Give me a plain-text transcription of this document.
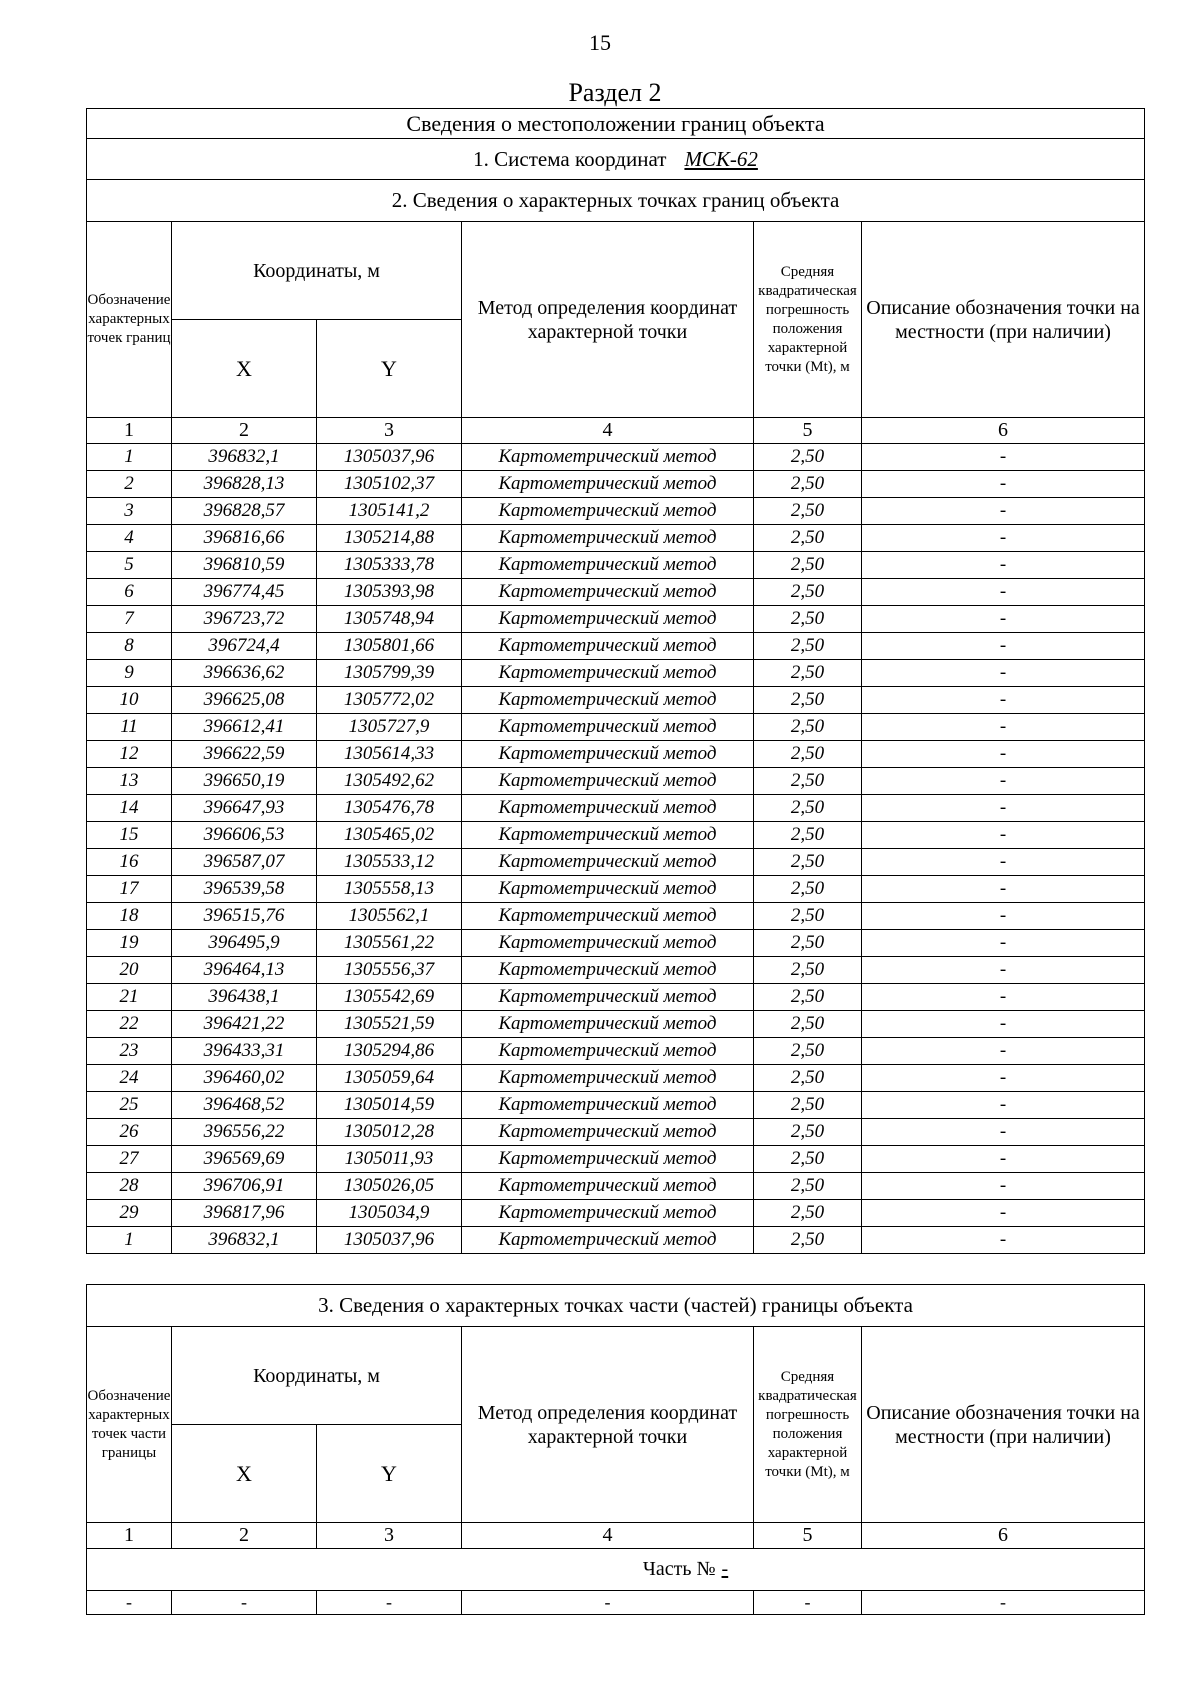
15
Раздел 2
Сведения о местоположении границ объекта					
1. Система координат МСК-62					
2. Сведения о характерных точках границ объекта					
Обозначение характерных точек границ	Координаты, м		Метод определения координат характерной точки	Средняя квадратическая погрешность положения характерной точки (Mt), м	Описание обозначения точки на местности (при наличии)
	X	Y			
1	2	3	4	5	6
1	396832,1	1305037,96	Картометрический метод	2,50	-
2	396828,13	1305102,37	Картометрический метод	2,50	-
3	396828,57	1305141,2	Картометрический метод	2,50	-
4	396816,66	1305214,88	Картометрический метод	2,50	-
5	396810,59	1305333,78	Картометрический метод	2,50	-
6	396774,45	1305393,98	Картометрический метод	2,50	-
7	396723,72	1305748,94	Картометрический метод	2,50	-
8	396724,4	1305801,66	Картометрический метод	2,50	-
9	396636,62	1305799,39	Картометрический метод	2,50	-
10	396625,08	1305772,02	Картометрический метод	2,50	-
11	396612,41	1305727,9	Картометрический метод	2,50	-
12	396622,59	1305614,33	Картометрический метод	2,50	-
13	396650,19	1305492,62	Картометрический метод	2,50	-
14	396647,93	1305476,78	Картометрический метод	2,50	-
15	396606,53	1305465,02	Картометрический метод	2,50	-
16	396587,07	1305533,12	Картометрический метод	2,50	-
17	396539,58	1305558,13	Картометрический метод	2,50	-
18	396515,76	1305562,1	Картометрический метод	2,50	-
19	396495,9	1305561,22	Картометрический метод	2,50	-
20	396464,13	1305556,37	Картометрический метод	2,50	-
21	396438,1	1305542,69	Картометрический метод	2,50	-
22	396421,22	1305521,59	Картометрический метод	2,50	-
23	396433,31	1305294,86	Картометрический метод	2,50	-
24	396460,02	1305059,64	Картометрический метод	2,50	-
25	396468,52	1305014,59	Картометрический метод	2,50	-
26	396556,22	1305012,28	Картометрический метод	2,50	-
27	396569,69	1305011,93	Картометрический метод	2,50	-
28	396706,91	1305026,05	Картометрический метод	2,50	-
29	396817,96	1305034,9	Картометрический метод	2,50	-
1	396832,1	1305037,96	Картометрический метод	2,50	-
3. Сведения о характерных точках части (частей) границы объекта					
Обозначение характерных точек части границы	Координаты, м		Метод определения координат характерной точки	Средняя квадратическая погрешность положения характерной точки (Mt), м	Описание обозначения точки на местности (при наличии)
	X	Y			
1	2	3	4	5	6
Часть № -					
-	-	-	-	-	-
